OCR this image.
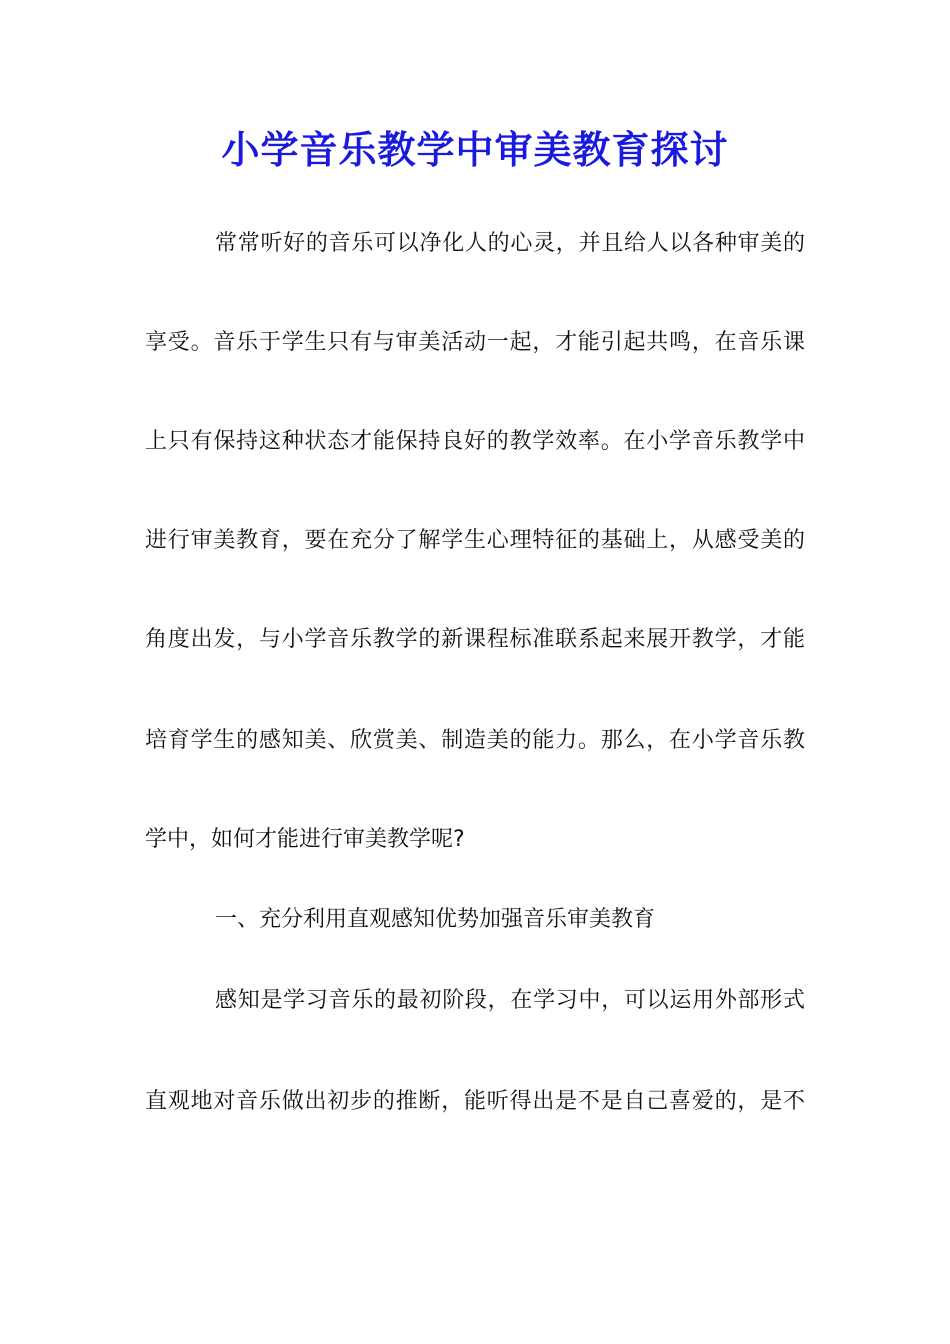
小学音乐教学中审美教育探讨
常常听好的音乐可以净化人的心灵，并且给人以各种审美的
享受。音乐于学生只有与审美活动一起，才能引起共鸣，在音乐课
上只有保持这种状态才能保持良好的教学效率。在小学音乐教学中
进行审美教育，要在充分了解学生心理特征的基础上，从感受美的
角度出发，与小学音乐教学的新课程标准联系起来展开教学，才能
培育学生的感知美、欣赏美、制造美的能力。那么，在小学音乐教
学中，如何才能进行审美教学呢?
一、充分利用直观感知优势加强音乐审美教育
感知是学习音乐的最初阶段，在学习中，可以运用外部形式
直观地对音乐做出初步的推断，能听得出是不是自己喜爱的，是不
